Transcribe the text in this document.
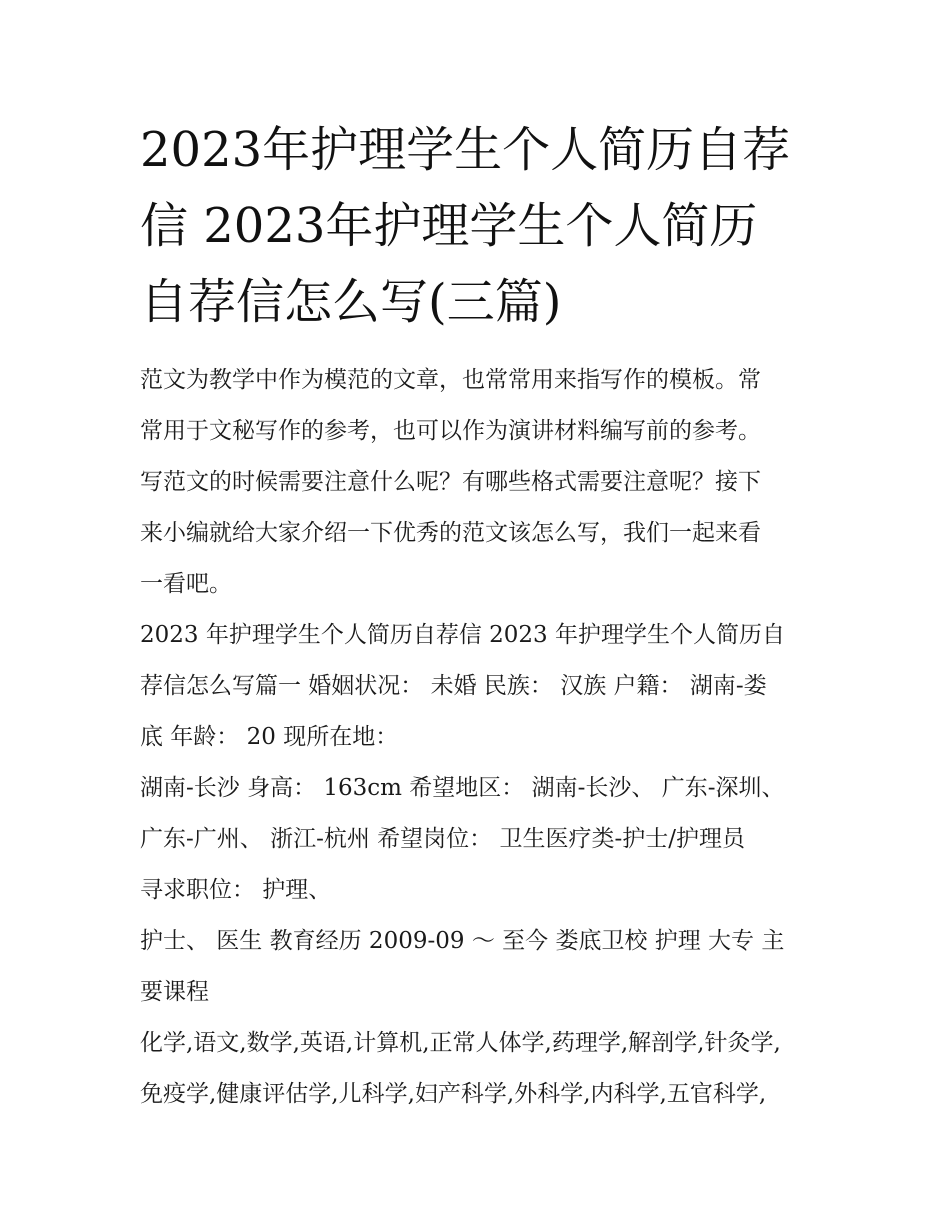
2023年护理学生个人简历自荐
信 2023年护理学生个人简历
自荐信怎么写(三篇)
范文为教学中作为模范的文章，也常常用来指写作的模板。常
常用于文秘写作的参考，也可以作为演讲材料编写前的参考。
写范文的时候需要注意什么呢？有哪些格式需要注意呢？接下
来小编就给大家介绍一下优秀的范文该怎么写，我们一起来看
一看吧。
2023 年护理学生个人简历自荐信 2023 年护理学生个人简历自
荐信怎么写篇一 婚姻状况： 未婚 民族： 汉族 户籍： 湖南-娄
底 年龄： 20 现所在地：
湖南-长沙 身高： 163cm 希望地区： 湖南-长沙、 广东-深圳、
广东-广州、 浙江-杭州 希望岗位： 卫生医疗类-护士/护理员
寻求职位： 护理、
护士、 医生 教育经历 2009-09 ～ 至今 娄底卫校 护理 大专 主
要课程
化学,语文,数学,英语,计算机,正常人体学,药理学,解剖学,针灸学,
免疫学,健康评估学,儿科学,妇产科学,外科学,内科学,五官科学,
